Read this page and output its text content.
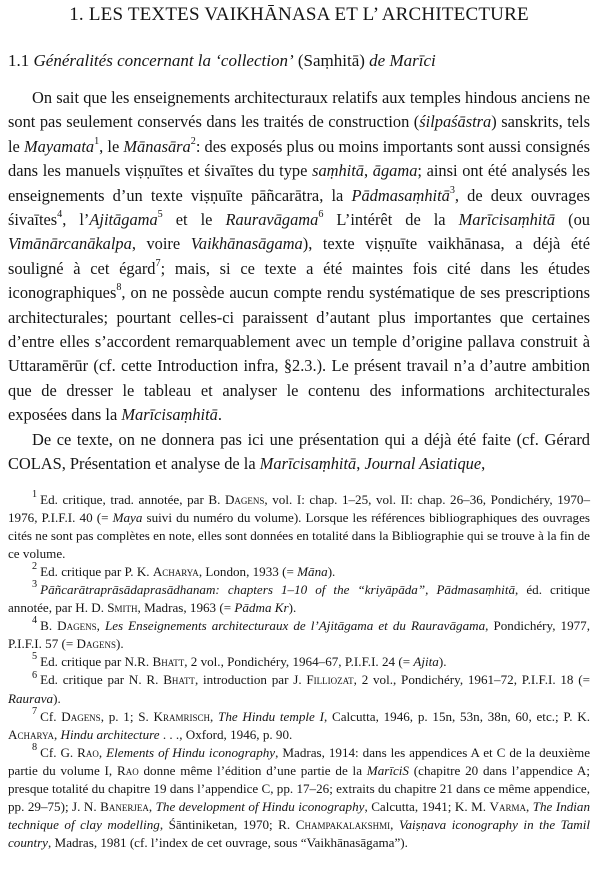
1. LES TEXTES VAIKHĀNASA ET L’ ARCHITECTURE
1.1 Généralités concernant la ‘collection’ (Saṃhitā) de Marīci

On sait que les enseignements architecturaux relatifs aux temples hindous anciens ne sont pas seulement conservés dans les traités de construction (śilpaśāstra) sanskrits, tels le Mayamata$^1$, le Mānasāra$^2$: des exposés plus ou moins importants sont aussi consignés dans les manuels viṣṇuītes et śivaītes du type saṃhitā, āgama; ainsi ont été analysés les enseignements d’un texte viṣṇuīte pāñcarātra, la Pādmasaṃhitā$^3$, de deux ouvrages śivaītes$^4$, l’Ajitāgama$^5$ et le Rauravāgama$^6$ L’intérêt de la Marīcisaṃhitā (ou Vimānārcanākalpa, voire Vaikhānasāgama), texte viṣṇuīte vaikhānasa, a déjà été souligné à cet égard$^7$; mais, si ce texte a été maintes fois cité dans les études iconographiques$^8$, on ne possède aucun compte rendu systématique de ses prescriptions architecturales; pourtant celles-ci paraissent d’autant plus importantes que certaines d’entre elles s’accordent remarquablement avec un temple d’origine pallava construit à Uttaramērūr (cf. cette Introduction infra, §2.3.). Le présent travail n’a d’autre ambition que de dresser le tableau et analyser le contenu des informations architecturales exposées dans la Marīcisaṃhitā.

De ce texte, on ne donnera pas ici une présentation qui a déjà été faite (cf. Gérard COLAS, Présentation et analyse de la Marīcisaṃhitā, Journal Asiatique,

$^1$ Ed. critique, trad. annotée, par B. Dagens, vol. I: chap. 1–25, vol. II: chap. 26–36, Pondichéry, 1970–1976, P.I.F.I. 40 (= Maya suivi du numéro du volume). Lorsque les références bibliographiques des ouvrages cités ne sont pas complètes en note, elles sont données en totalité dans la Bibliographie qui se trouve à la fin de ce volume.

$^2$ Ed. critique par P. K. Acharya, London, 1933 (= Māna).

$^3$ Pāñcarātraprāsādaprasādhanam: chapters 1–10 of the “kriyāpāda”, Pādmasaṃhitā, éd. critique annotée, par H. D. Smith, Madras, 1963 (= Pādma Kr).

$^4$ B. Dagens, Les Enseignements architecturaux de l’Ajitāgama et du Rauravāgama, Pondichéry, 1977, P.I.F.I. 57 (= Dagens).

$^5$ Ed. critique par N.R. Bhatt, 2 vol., Pondichéry, 1964–67, P.I.F.I. 24 (= Ajita).

$^6$ Ed. critique par N. R. Bhatt, introduction par J. Filliozat, 2 vol., Pondichéry, 1961–72, P.I.F.I. 18 (= Raurava).

$^7$ Cf. Dagens, p. 1; S. Kramrisch, The Hindu temple I, Calcutta, 1946, p. 15n, 53n, 38n, 60, etc.; P. K. Acharya, Hindu architecture . . ., Oxford, 1946, p. 90.

$^8$ Cf. G. Rao, Elements of Hindu iconography, Madras, 1914: dans les appendices A et C de la deuxième partie du volume I, Rao donne même l’édition d’une partie de la MarīciS (chapitre 20 dans l’appendice A; presque totalité du chapitre 19 dans l’appendice C, pp. 17–26; extraits du chapitre 21 dans ce même appendice, pp. 29–75); J. N. Banerjea, The development of Hindu iconography, Calcutta, 1941; K. M. Varma, The Indian technique of clay modelling, Śāntiniketan, 1970; R. Champakalakshmi, Vaiṣṇava iconography in the Tamil country, Madras, 1981 (cf. l’index de cet ouvrage, sous “Vaikhānasāgama”).
